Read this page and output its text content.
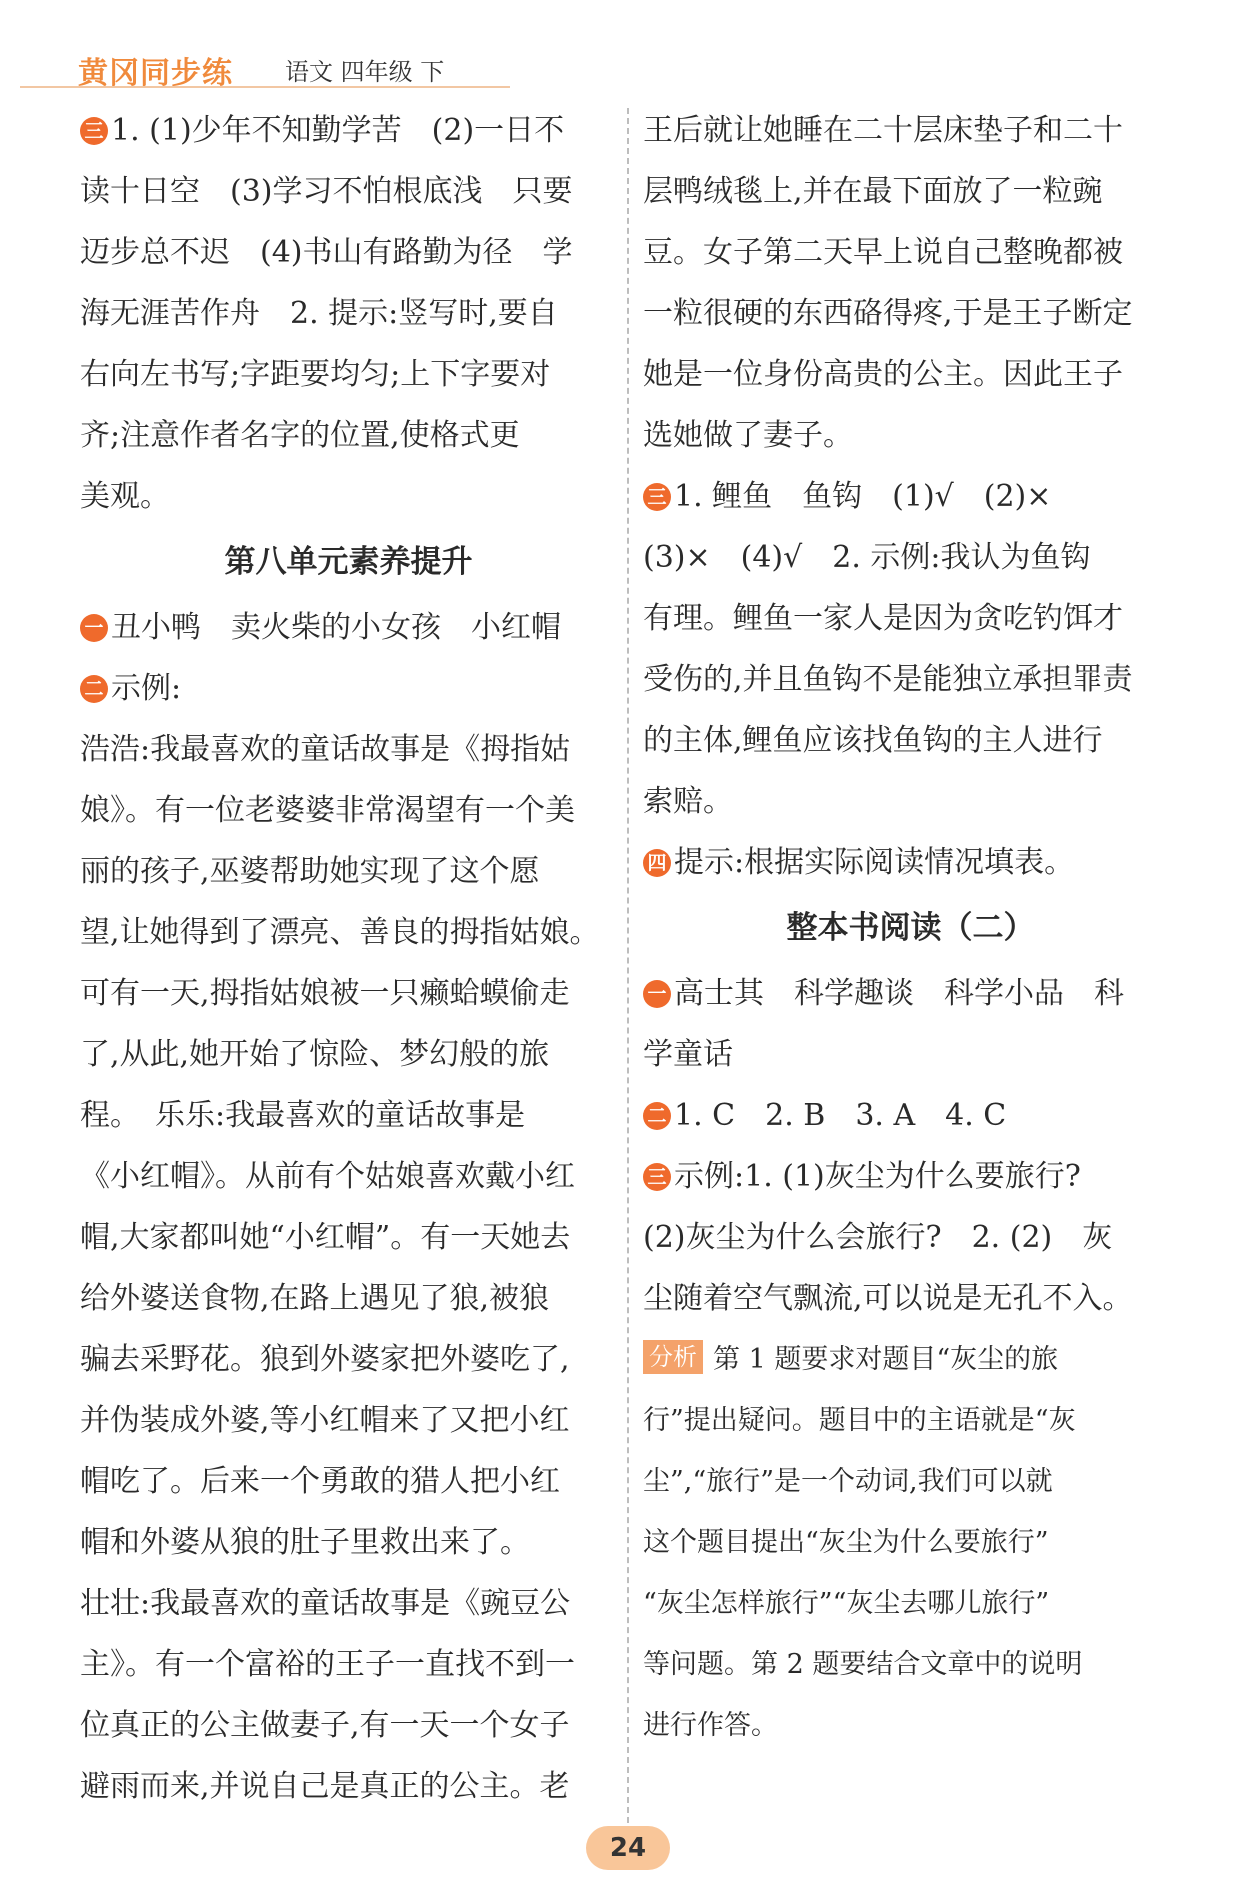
黄冈同步练 语文 四年级 下
三 1. (1)少年不知勤学苦　(2)一日不
读十日空　(3)学习不怕根底浅　只要
迈步总不迟　(4)书山有路勤为径　学
海无涯苦作舟　2. 提示:竖写时,要自
右向左书写;字距要均匀;上下字要对
齐;注意作者名字的位置,使格式更
美观。
第八单元素养提升
一 丑小鸭　卖火柴的小女孩　小红帽
二 示例:
浩浩:我最喜欢的童话故事是《拇指姑
娘》。有一位老婆婆非常渴望有一个美
丽的孩子,巫婆帮助她实现了这个愿
望,让她得到了漂亮、善良的拇指姑娘。
可有一天,拇指姑娘被一只癞蛤蟆偷走
了,从此,她开始了惊险、梦幻般的旅
程。　乐乐:我最喜欢的童话故事是
《小红帽》。从前有个姑娘喜欢戴小红
帽,大家都叫她“小红帽”。有一天她去
给外婆送食物,在路上遇见了狼,被狼
骗去采野花。狼到外婆家把外婆吃了,
并伪装成外婆,等小红帽来了又把小红
帽吃了。后来一个勇敢的猎人把小红
帽和外婆从狼的肚子里救出来了。
壮壮:我最喜欢的童话故事是《豌豆公
主》。有一个富裕的王子一直找不到一
位真正的公主做妻子,有一天一个女子
避雨而来,并说自己是真正的公主。老
王后就让她睡在二十层床垫子和二十
层鸭绒毯上,并在最下面放了一粒豌
豆。女子第二天早上说自己整晚都被
一粒很硬的东西硌得疼,于是王子断定
她是一位身份高贵的公主。因此王子
选她做了妻子。
三 1. 鲤鱼　鱼钩　(1)√　(2)×
(3)×　(4)√　2. 示例:我认为鱼钩
有理。鲤鱼一家人是因为贪吃钓饵才
受伤的,并且鱼钩不是能独立承担罪责
的主体,鲤鱼应该找鱼钩的主人进行
索赔。
四 提示:根据实际阅读情况填表。
整本书阅读（二）
一 高士其　科学趣谈　科学小品　科
学童话
二 1. C　2. B　3. A　4. C
三 示例:1. (1)灰尘为什么要旅行?
(2)灰尘为什么会旅行?　2. (2)　灰
尘随着空气飘流,可以说是无孔不入。
分析 第 1 题要求对题目“灰尘的旅
行”提出疑问。题目中的主语就是“灰
尘”,“旅行”是一个动词,我们可以就
这个题目提出“灰尘为什么要旅行”
“灰尘怎样旅行”“灰尘去哪儿旅行”
等问题。第 2 题要结合文章中的说明
进行作答。
24
